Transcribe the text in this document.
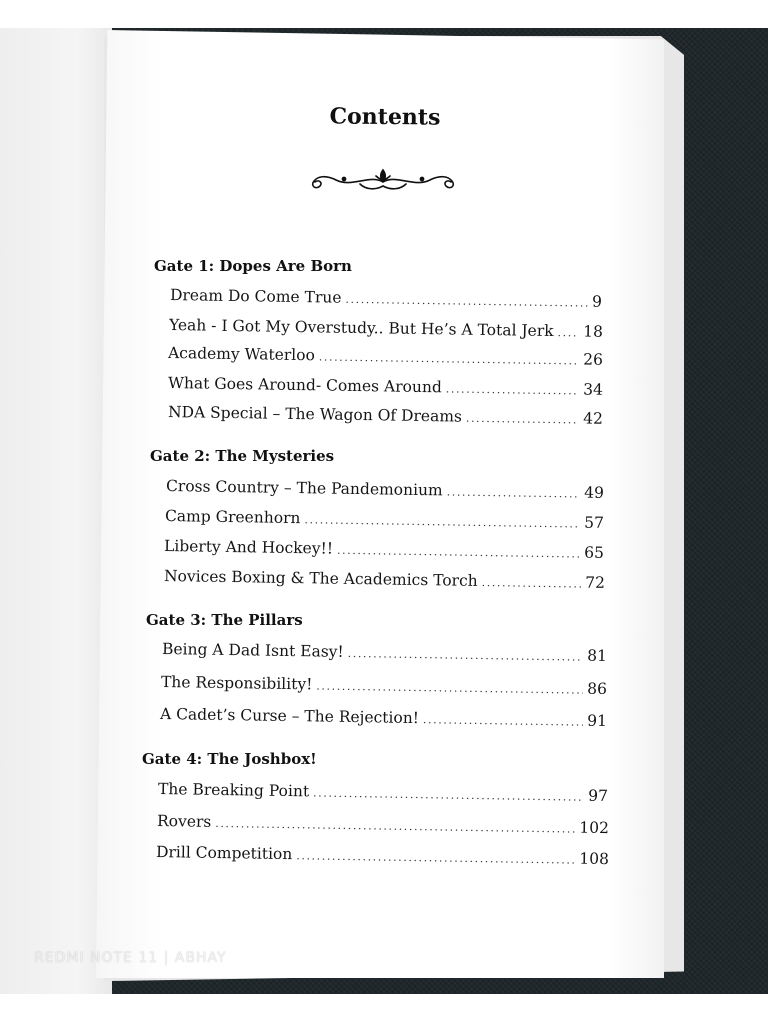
Contents
Gate 1: Dopes Are Born
Dream Do Come True .....	9
Yeah - I Got My Overstudy.. But He’s A Total Jerk ..... 18
Academy Waterloo .....	26
What Goes Around- Comes Around .....	34
NDA Special – The Wagon Of Dreams .....	42
Gate 2: The Mysteries
Cross Country – The Pandemonium .....	49
Camp Greenhorn .....	57
Liberty And Hockey!! .....	65
Novices Boxing & The Academics Torch .....	72
Gate 3: The Pillars
Being A Dad Isnt Easy! .....	81
The Responsibility! .....	86
A Cadet’s Curse – The Rejection! .....	91
Gate 4: The Joshbox!
The Breaking Point .....	97
Rovers .....	102
Drill Competition .....	108
REDMI NOTE 11 | ABHAY
